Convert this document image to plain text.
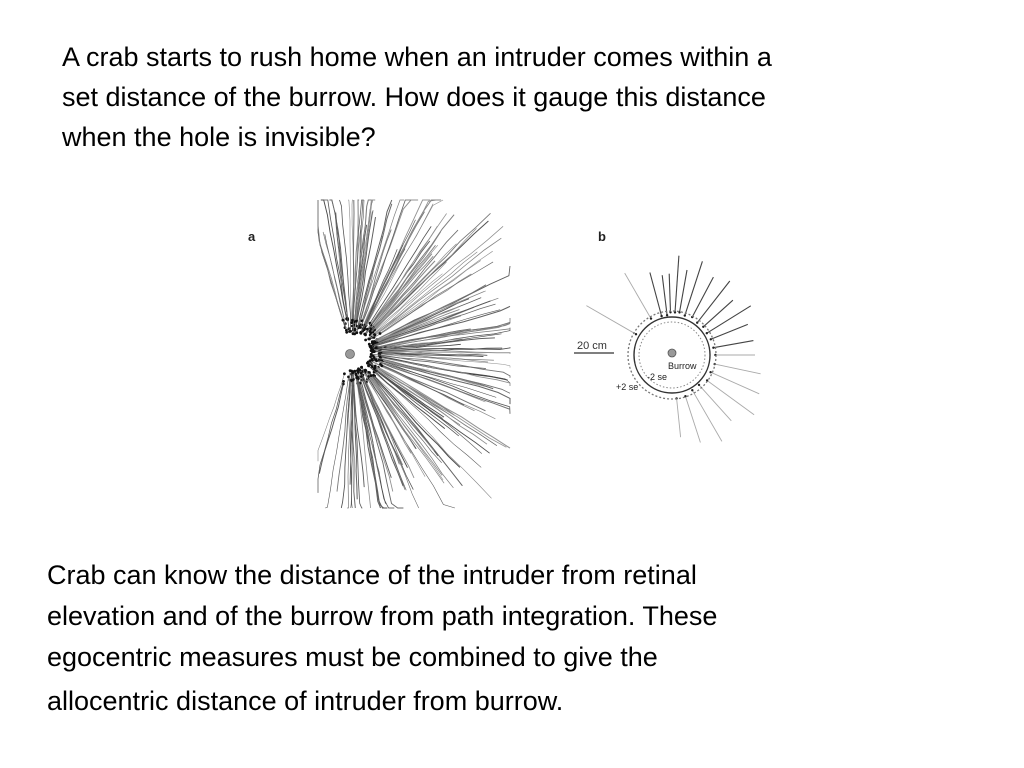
A crab starts to rush home when an intruder comes within a
set distance of the burrow. How does it gauge this distance
when the hole is invisible?
a	b
Burrow
-2 se
+2 se
20 cm
Crab can know the distance of the intruder from retinal
elevation and of the burrow from path integration. These
egocentric measures must be combined to give the
allocentric distance of intruder from burrow.
